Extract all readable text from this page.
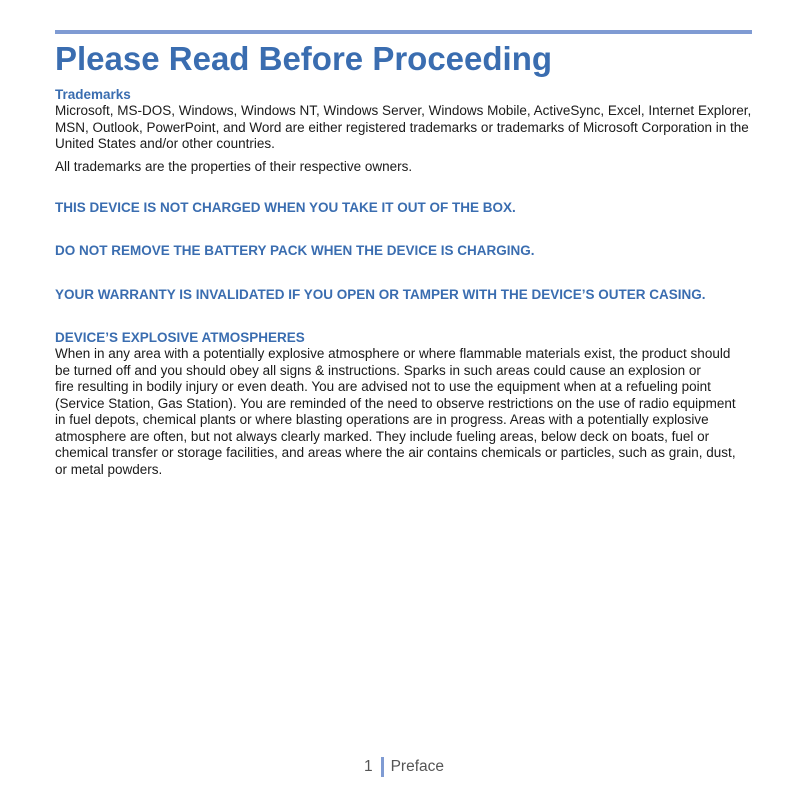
Please Read Before Proceeding
Trademarks

Microsoft, MS-DOS, Windows, Windows NT, Windows Server, Windows Mobile, ActiveSync, Excel, Internet Explorer, MSN, Outlook, PowerPoint, and Word are either registered trademarks or trademarks of Microsoft Corporation in the United States and/or other countries.

All trademarks are the properties of their respective owners.

THIS DEVICE IS NOT CHARGED WHEN YOU TAKE IT OUT OF THE BOX.
DO NOT REMOVE THE BATTERY PACK WHEN THE DEVICE IS CHARGING.
YOUR WARRANTY IS INVALIDATED IF YOU OPEN OR TAMPER WITH THE DEVICE’S OUTER CASING.
DEVICE’S EXPLOSIVE ATMOSPHERES
When in any area with a potentially explosive atmosphere or where flammable materials exist, the product should
be turned off and you should obey all signs & instructions. Sparks in such areas could cause an explosion or
fire resulting in bodily injury or even death. You are advised not to use the equipment when at a refueling point
(Service Station, Gas Station). You are reminded of the need to observe restrictions on the use of radio equipment
in fuel depots, chemical plants or where blasting operations are in progress. Areas with a potentially explosive
atmosphere are often, but not always clearly marked. They include fueling areas, below deck on boats, fuel or
chemical transfer or storage facilities, and areas where the air contains chemicals or particles, such as grain, dust,
or metal powders.
1 Preface
